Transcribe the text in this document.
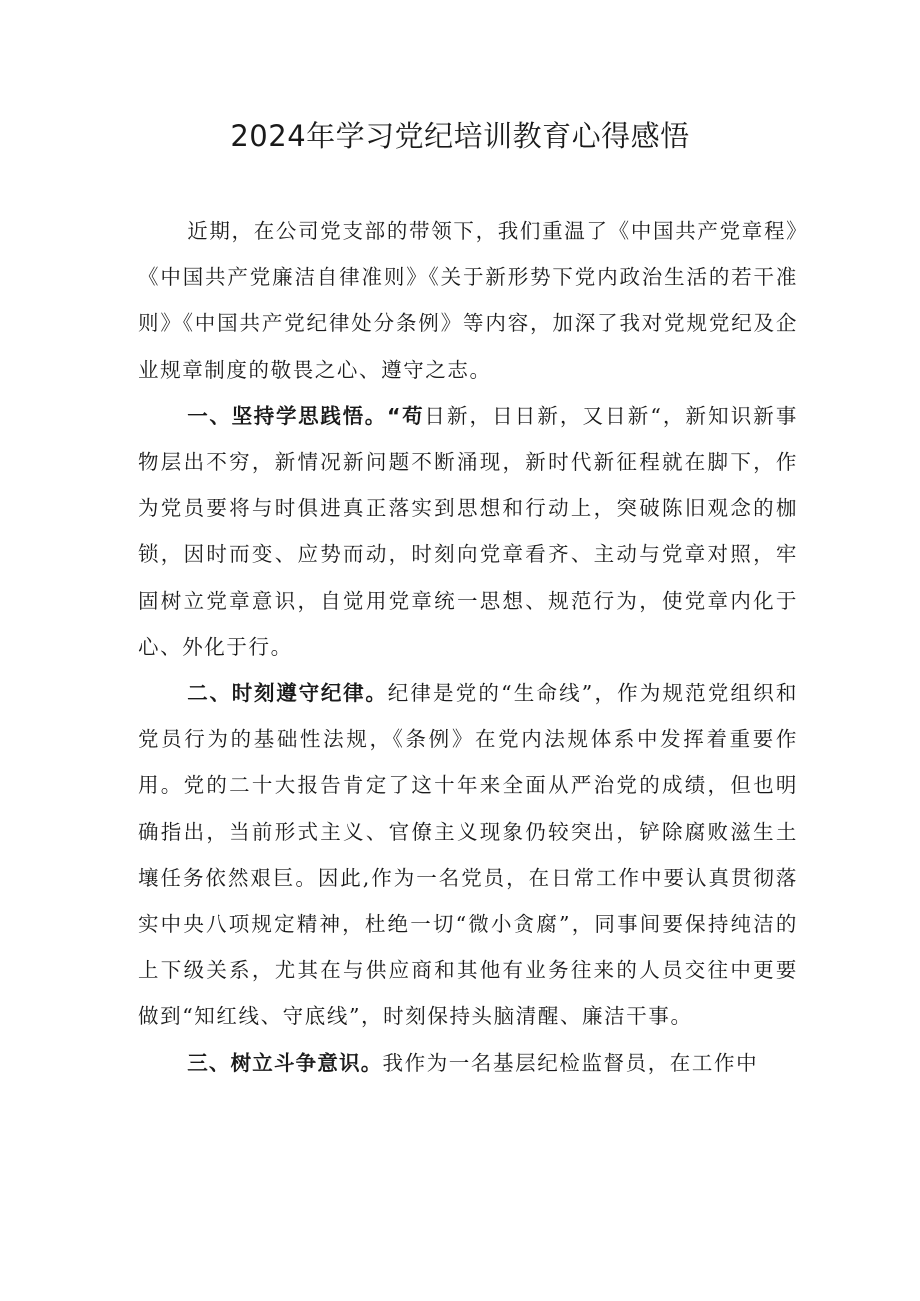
2024年学习党纪培训教育心得感悟

近期，在公司党支部的带领下，我们重温了《中国共产党章程》《中国共产党廉洁自律准则》《关于新形势下党内政治生活的若干准则》《中国共产党纪律处分条例》等内容，加深了我对党规党纪及企业规章制度的敬畏之心、遵守之志。

一、坚持学思践悟。“苟日新，日日新，又日新“，新知识新事物层出不穷，新情况新问题不断涌现，新时代新征程就在脚下，作为党员要将与时俱进真正落实到思想和行动上，突破陈旧观念的枷锁，因时而变、应势而动，时刻向党章看齐、主动与党章对照，牢固树立党章意识，自觉用党章统一思想、规范行为，使党章内化于心、外化于行。

二、时刻遵守纪律。纪律是党的“生命线”，作为规范党组织和党员行为的基础性法规，《条例》在党内法规体系中发挥着重要作用。党的二十大报告肯定了这十年来全面从严治党的成绩，但也明确指出，当前形式主义、官僚主义现象仍较突出，铲除腐败滋生土壤任务依然艰巨。因此,作为一名党员，在日常工作中要认真贯彻落实中央八项规定精神，杜绝一切“微小贪腐”，同事间要保持纯洁的上下级关系，尤其在与供应商和其他有业务往来的人员交往中更要做到“知红线、守底线”，时刻保持头脑清醒、廉洁干事。

三、树立斗争意识。我作为一名基层纪检监督员，在工作中
